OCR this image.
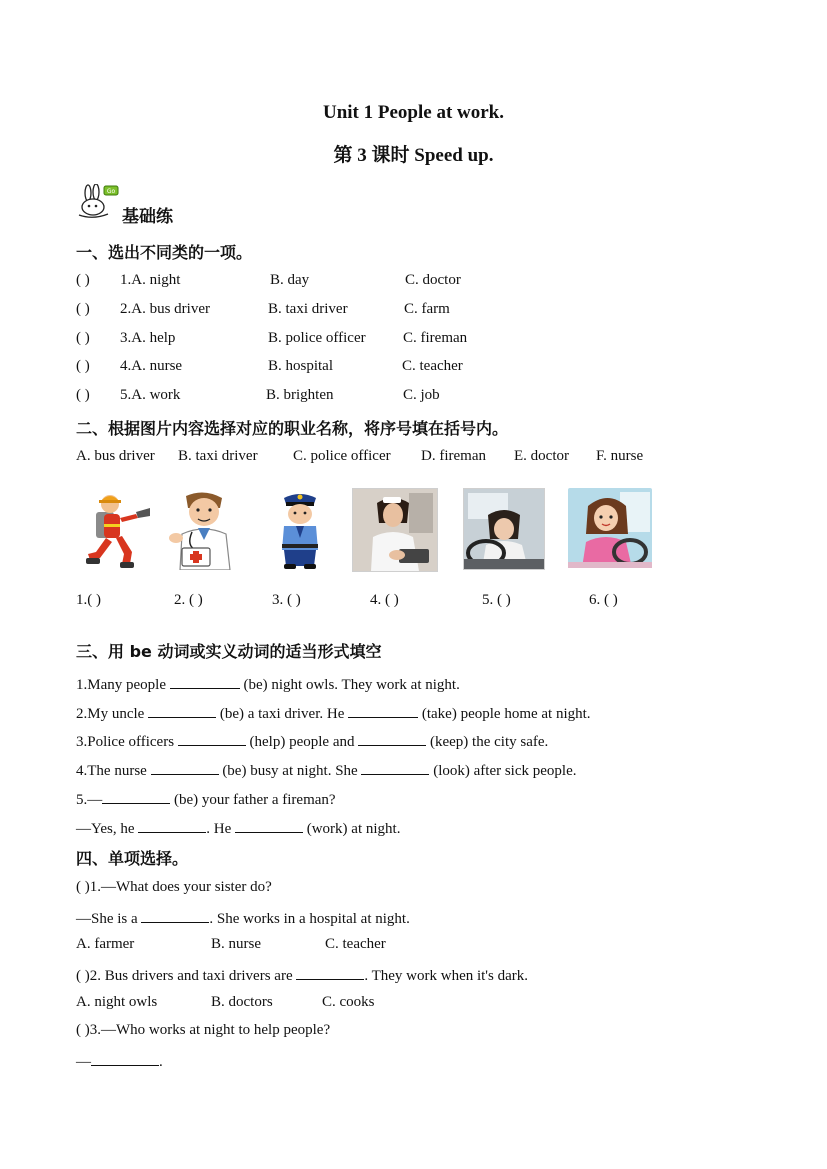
Unit 1 People at work.
第 3 课时 Speed up.
Go
基础练
一、选出不同类的一项。
( ) 1.A. night	B. day	C. doctor
( ) 2.A. bus driver	B. taxi driver	C. farm
( ) 3.A. help	B. police officer C. fireman
( ) 4.A. nurse	B. hospital	C. teacher
( ) 5.A. work	B. brighten	C. job
二、根据图片内容选择对应的职业名称，将序号填在括号内。
A. bus driver B. taxi driver C. police officer D. fireman E. doctor F. nurse
1.( )	2. ( )	3. ( )	4. ( )	5. ( )	6. ( )
三、用 be 动词或实义动词的适当形式填空
1.Many people	(be) night owls. They work at night.
2.My uncle	(be) a taxi driver. He	(take) people home at night.
3.Police officers	(help) people and	(keep) the city safe.
4.The nurse	(be) busy at night. She	(look) after sick people.
5.—	(be) your father a fireman?
—Yes, he	. He	(work) at night.
四、单项选择。
( )1.—What does your sister do?
—She is a	. She works in a hospital at night.
A. farmer	B. nurse	C. teacher
( )2. Bus drivers and taxi drivers are	. They work when it's dark.
A. night owls	B. doctors	C. cooks
( )3.—Who works at night to help people?
—	.
